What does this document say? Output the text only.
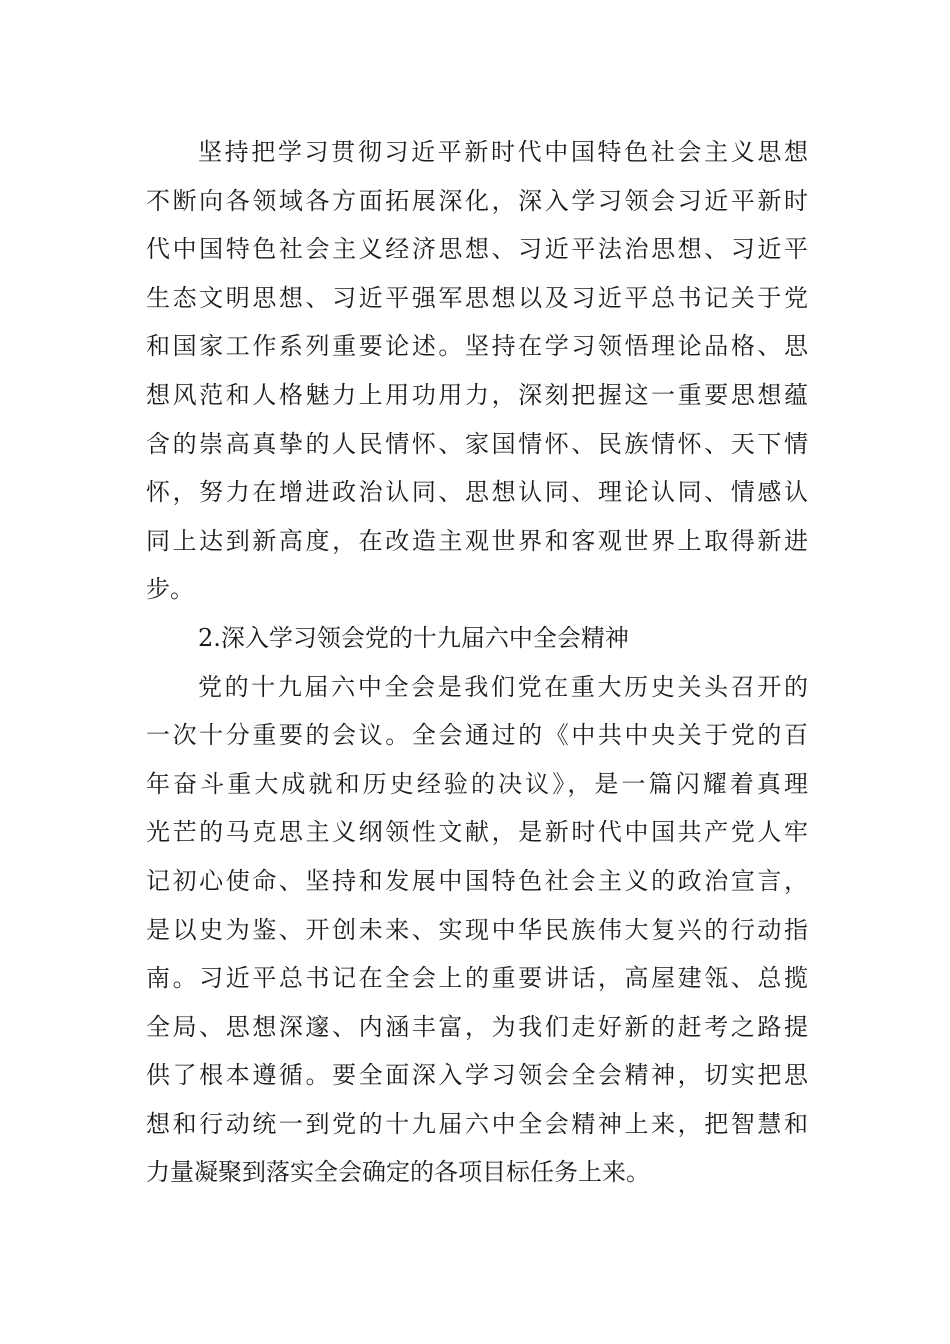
坚持把学习贯彻习近平新时代中国特色社会主义思想
不断向各领域各方面拓展深化，深入学习领会习近平新时
代中国特色社会主义经济思想、习近平法治思想、习近平
生态文明思想、习近平强军思想以及习近平总书记关于党
和国家工作系列重要论述。坚持在学习领悟理论品格、思
想风范和人格魅力上用功用力，深刻把握这一重要思想蕴
含的崇高真挚的人民情怀、家国情怀、民族情怀、天下情
怀，努力在增进政治认同、思想认同、理论认同、情感认
同上达到新高度，在改造主观世界和客观世界上取得新进
步。
2.深入学习领会党的十九届六中全会精神
党的十九届六中全会是我们党在重大历史关头召开的
一次十分重要的会议。全会通过的《中共中央关于党的百
年奋斗重大成就和历史经验的决议》，是一篇闪耀着真理
光芒的马克思主义纲领性文献，是新时代中国共产党人牢
记初心使命、坚持和发展中国特色社会主义的政治宣言，
是以史为鉴、开创未来、实现中华民族伟大复兴的行动指
南。习近平总书记在全会上的重要讲话，高屋建瓴、总揽
全局、思想深邃、内涵丰富，为我们走好新的赶考之路提
供了根本遵循。要全面深入学习领会全会精神，切实把思
想和行动统一到党的十九届六中全会精神上来，把智慧和
力量凝聚到落实全会确定的各项目标任务上来。
